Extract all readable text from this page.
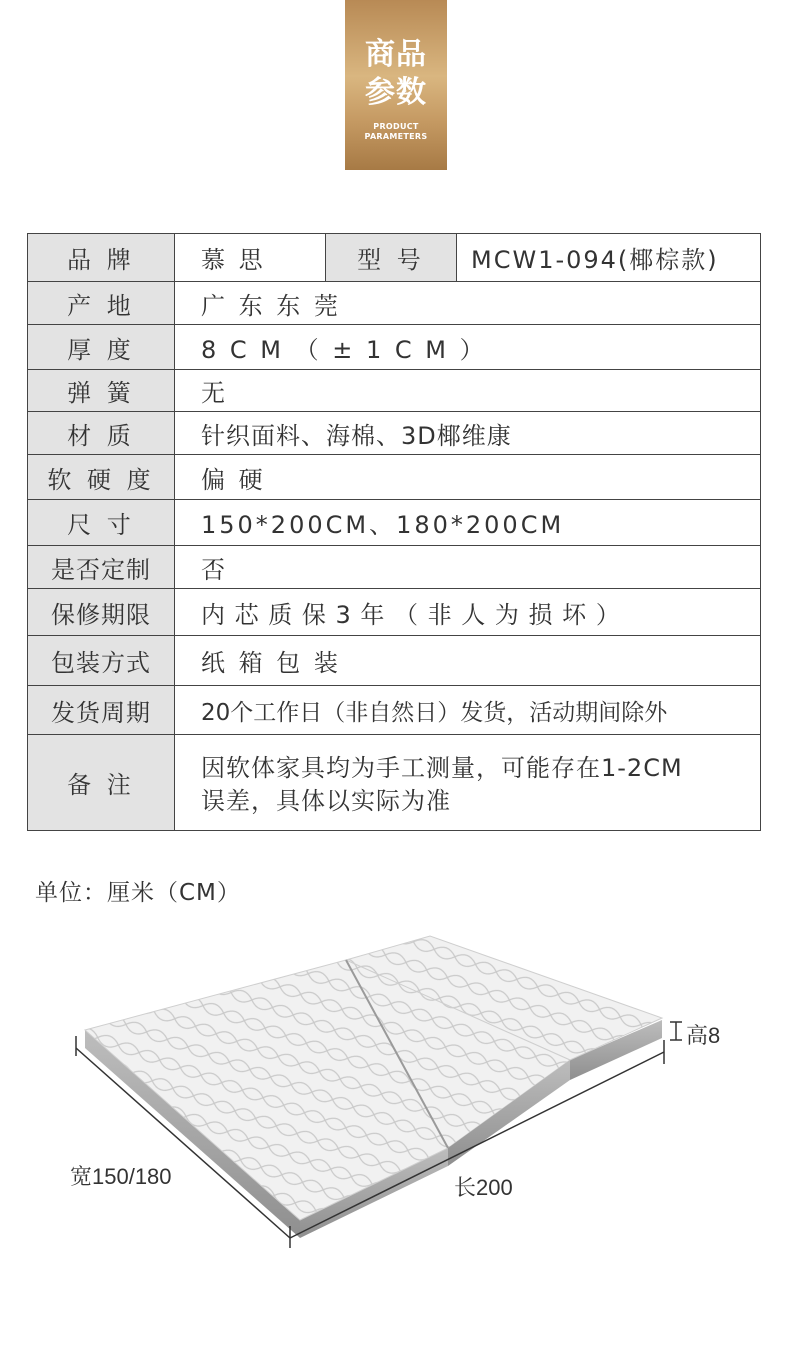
商品
参数
PRODUCT
PARAMETERS
品 牌	慕 思	型 号	MCW1-094(椰棕款)
产 地	广 东 东 莞		
厚 度	8 C M （ ± 1 C M ）		
弹 簧	无		
材 质	针织面料、海棉、3D椰维康		
软 硬 度	偏 硬		
尺 寸	150*200CM、180*200CM		
是否定制	否		
保修期限	内 芯 质 保 3 年 （ 非 人 为 损 坏 ）		
包装方式	纸 箱 包 装		
发货周期	20个工作日（非自然日）发货，活动期间除外		
备 注	因软体家具均为手工测量，可能存在1-2CM
误差，具体以实际为准		
单位：厘米（CM）
高8
宽150/180	长200
